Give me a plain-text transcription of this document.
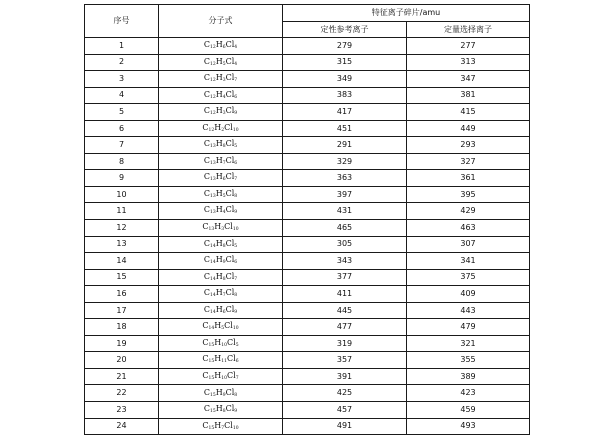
序号	分子式	特征离子碎片/amu	
		定性参考离子	定量选择离子
1	$C_{12}H_6Cl_4$	279	277
2	$C_{12}H_5Cl_4$	315	313
3	$C_{12}H_3Cl_7$	349	347
4	$C_{12}H_4Cl_6$	383	381
5	$C_{12}H_3Cl_9$	417	415
6	$C_{12}H_2Cl_{10}$	451	449
7	$C_{13}H_8Cl_5$	291	293
8	$C_{13}H_7Cl_6$	329	327
9	$C_{13}H_6Cl_7$	363	361
10	$C_{13}H_5Cl_8$	397	395
11	$C_{13}H_4Cl_9$	431	429
12	$C_{13}H_3Cl_{10}$	465	463
13	$C_{14}H_8Cl_5$	305	307
14	$C_{14}H_9Cl_6$	343	341
15	$C_{14}H_8Cl_7$	377	375
16	$C_{14}H_7Cl_8$	411	409
17	$C_{14}H_6Cl_9$	445	443
18	$C_{14}H_5Cl_{10}$	477	479
19	$C_{15}H_{10}Cl_5$	319	321
20	$C_{15}H_{11}Cl_6$	357	355
21	$C_{15}H_{10}Cl_7$	391	389
22	$C_{15}H_9Cl_8$	425	423
23	$C_{15}H_8Cl_9$	457	459
24	$C_{15}H_7Cl_{10}$	491	493
